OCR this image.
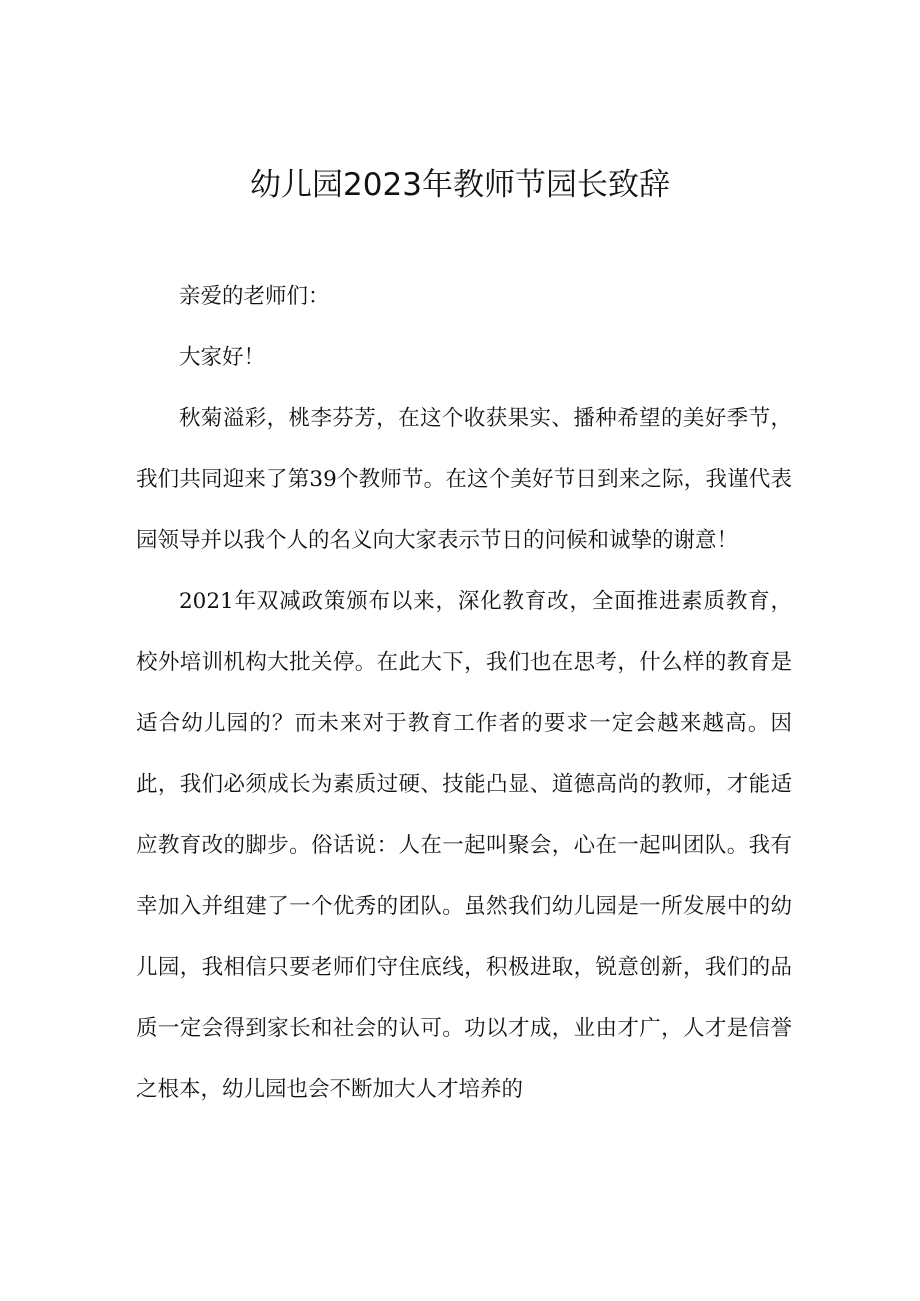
幼儿园2023年教师节园长致辞

亲爱的老师们：

大家好！

秋菊溢彩，桃李芬芳，在这个收获果实、播种希望的美好季节，我们共同迎来了第39个教师节。在这个美好节日到来之际，我谨代表园领导并以我个人的名义向大家表示节日的问候和诚挚的谢意！

2021年双减政策颁布以来，深化教育改，全面推进素质教育，校外培训机构大批关停。在此大下，我们也在思考，什么样的教育是适合幼儿园的？而未来对于教育工作者的要求一定会越来越高。因此，我们必须成长为素质过硬、技能凸显、道德高尚的教师，才能适应教育改的脚步。俗话说：人在一起叫聚会，心在一起叫团队。我有幸加入并组建了一个优秀的团队。虽然我们幼儿园是一所发展中的幼儿园，我相信只要老师们守住底线，积极进取，锐意创新，我们的品质一定会得到家长和社会的认可。功以才成，业由才广，人才是信誉之根本，幼儿园也会不断加大人才培养的
